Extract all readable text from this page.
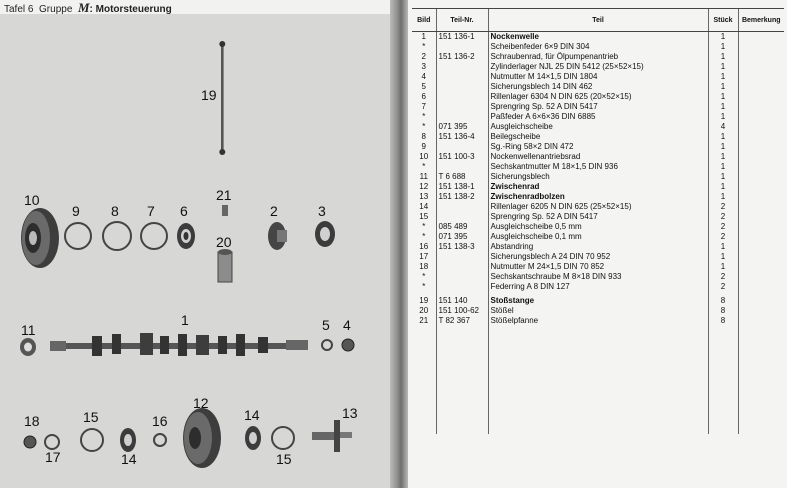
Tafel 6 Gruppe M: Motorsteuerung
19
10
9 8 7 6
21
2	3
20
11
1	5 4
18
17
15
14
16
12
14	13
15
Bild	Teil-Nr.	Teil	Stück	Bemerkung
1	151 136-1	Nockenwelle	1	
*		Scheibenfeder 6×9 DIN 304	1	
2	151 136-2	Schraubenrad, für Ölpumpenantrieb	1	
3		Zylinderlager NJL 25 DIN 5412 (25×52×15)	1	
4		Nutmutter M 14×1,5 DIN 1804	1	
5		Sicherungsblech 14 DIN 462	1	
6		Rillenlager 6304 N DIN 625 (20×52×15)	1	
7		Sprengring Sp. 52 A DIN 5417	1	
*		Paßfeder A 6×6×36 DIN 6885	1	
*	071 395	Ausgleichscheibe	4	
8	151 136-4	Beilegscheibe	1	
9		Sg.-Ring 58×2 DIN 472	1	
10	151 100-3	Nockenwellenantriebsrad	1	
*		Sechskantmutter M 18×1,5 DIN 936	1	
11	T 6 688	Sicherungsblech	1	
12	151 138-1	Zwischenrad	1	
13	151 138-2	Zwischenradbolzen	1	
14		Rillenlager 6205 N DIN 625 (25×52×15)	2	
15		Sprengring Sp. 52 A DIN 5417	2	
*	085 489	Ausgleichscheibe 0,5 mm	2	
*	071 395	Ausgleichscheibe 0,1 mm	2	
16	151 138-3	Abstandring	1	
17		Sicherungsblech A 24 DIN 70 952	1	
18		Nutmutter M 24×1,5 DIN 70 852	1	
*		Sechskantschraube M 8×18 DIN 933	2	
*		Federring A 8 DIN 127	2	

19	151 140	Stoßstange	8	
20	151 100-62	Stößel	8	
21	T 82 367	Stößelpfanne	8	
